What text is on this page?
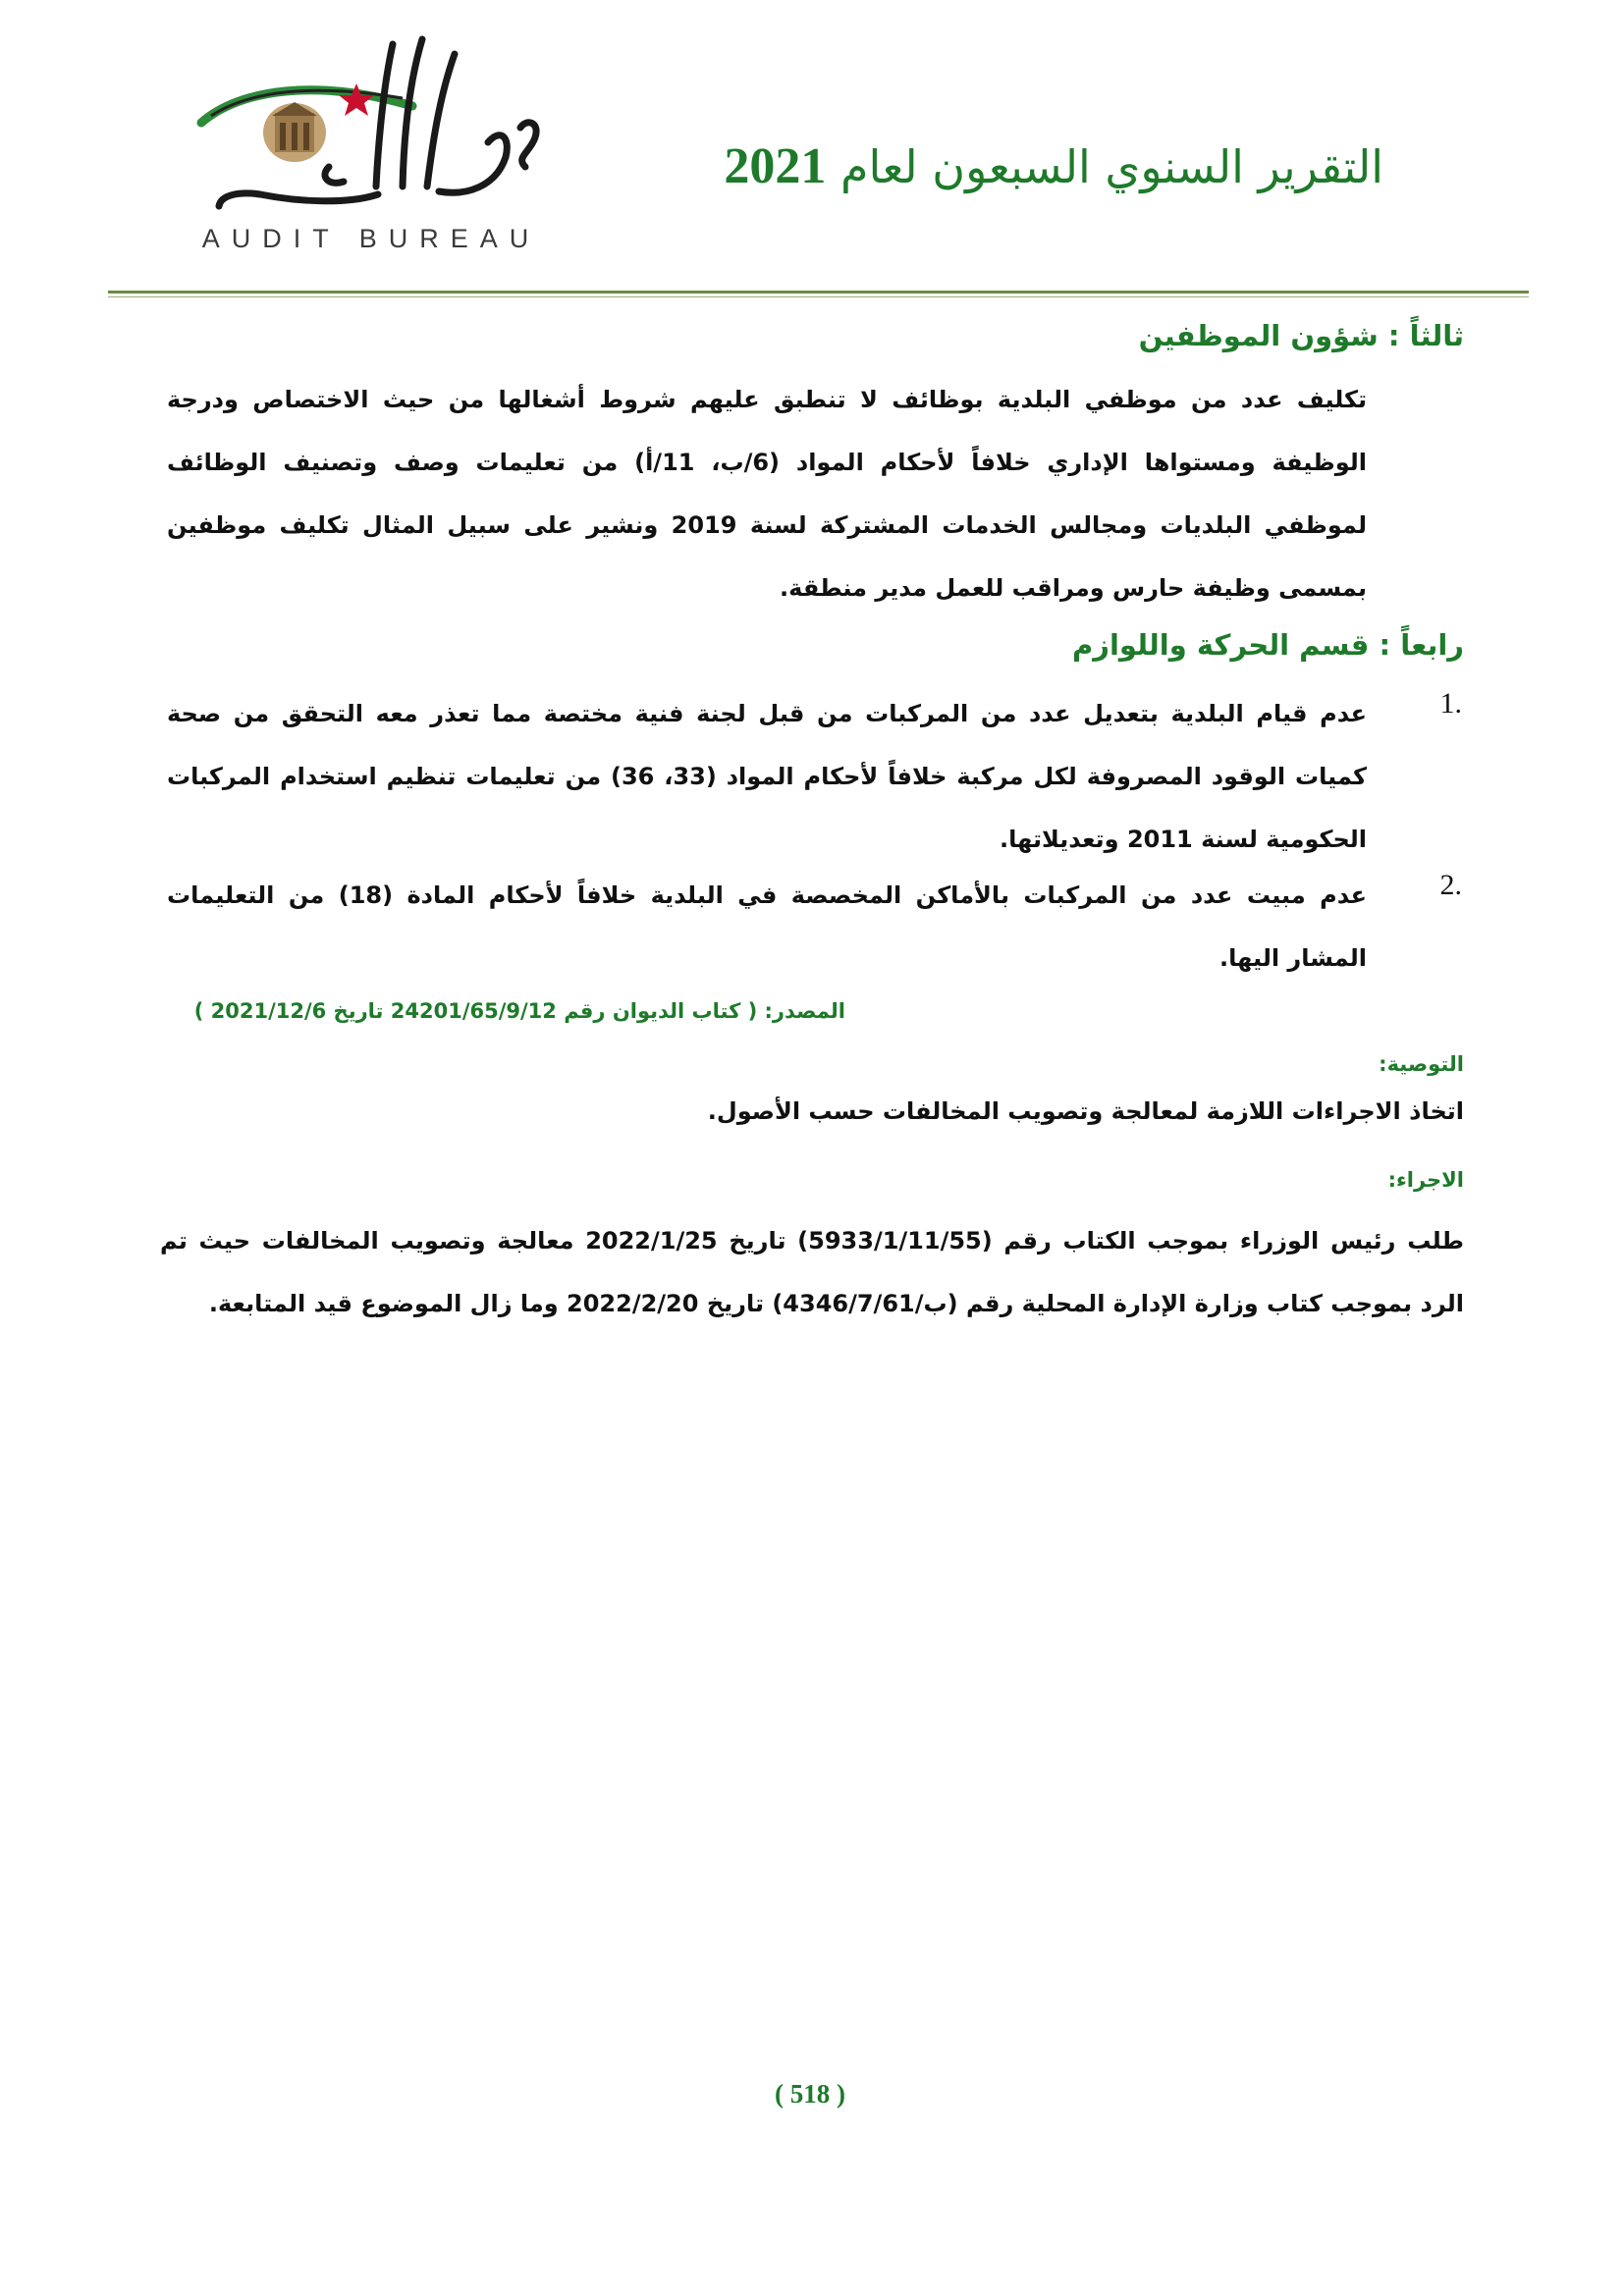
AUDIT BUREAU
التقرير السنوي السبعون لعام 2021
ثالثاً : شؤون الموظفين

تكليف عدد من موظفي البلدية بوظائف لا تنطبق عليهم شروط أشغالها من حيث الاختصاص ودرجة الوظيفة ومستواها الإداري خلافاً لأحكام المواد (6/ب، 11/أ) من تعليمات وصف وتصنيف الوظائف لموظفي البلديات ومجالس الخدمات المشتركة لسنة 2019 ونشير على سبيل المثال تكليف موظفين بمسمى وظيفة حارس ومراقب للعمل مدير منطقة.

رابعاً : قسم الحركة واللوازم
1.

عدم قيام البلدية بتعديل عدد من المركبات من قبل لجنة فنية مختصة مما تعذر معه التحقق من صحة كميات الوقود المصروفة لكل مركبة خلافاً لأحكام المواد (33، 36) من تعليمات تنظيم استخدام المركبات الحكومية لسنة 2011 وتعديلاتها.

2.

عدم مبيت عدد من المركبات بالأماكن المخصصة في البلدية خلافاً لأحكام المادة (18) من التعليمات المشار اليها.

المصدر: ( كتاب الديوان رقم 24201/65/9/12 تاريخ 2021/12/6 )
التوصية:
اتخاذ الاجراءات اللازمة لمعالجة وتصويب المخالفات حسب الأصول.
الاجراء:

طلب رئيس الوزراء بموجب الكتاب رقم (5933/1/11/55) تاريخ 2022/1/25 معالجة وتصويب المخالفات حيث تم الرد بموجب كتاب وزارة الإدارة المحلية رقم (ب/4346/7/61) تاريخ 2022/2/20 وما زال الموضوع قيد المتابعة.

( 518 )
